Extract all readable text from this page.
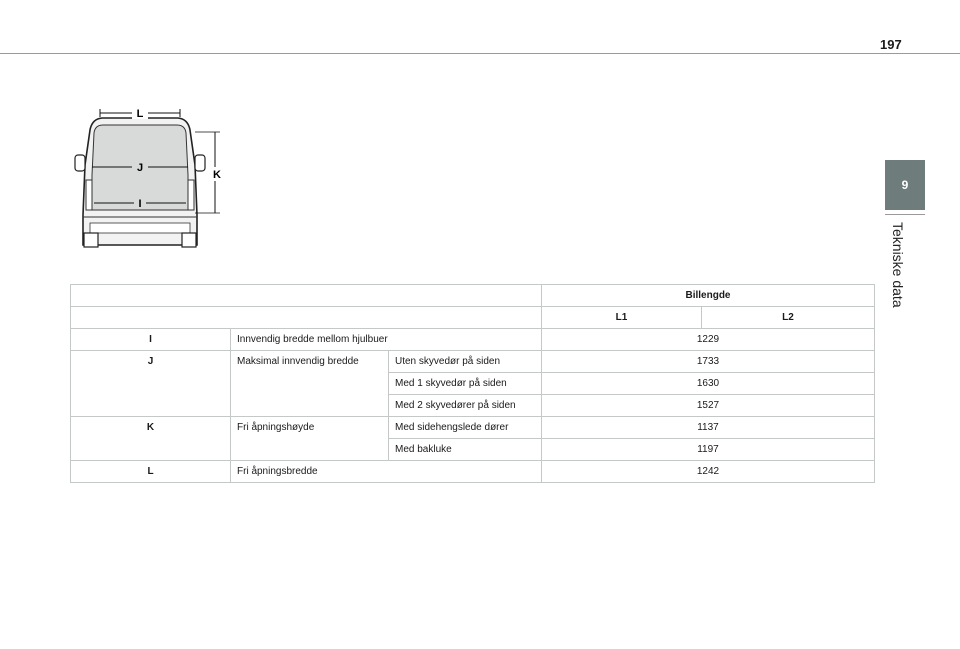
197
9
Tekniske data
L
J
I
K
			Billengde	
			L1	L2
I	Innvendig bredde mellom hjulbuer		1229	
J	Maksimal innvendig bredde	Uten skyvedør på siden	1733	
		Med 1 skyvedør på siden	1630	
		Med 2 skyvedører på siden	1527	
K	Fri åpningshøyde	Med sidehengslede dører	1137	
		Med bakluke	1197	
L	Fri åpningsbredde		1242	
